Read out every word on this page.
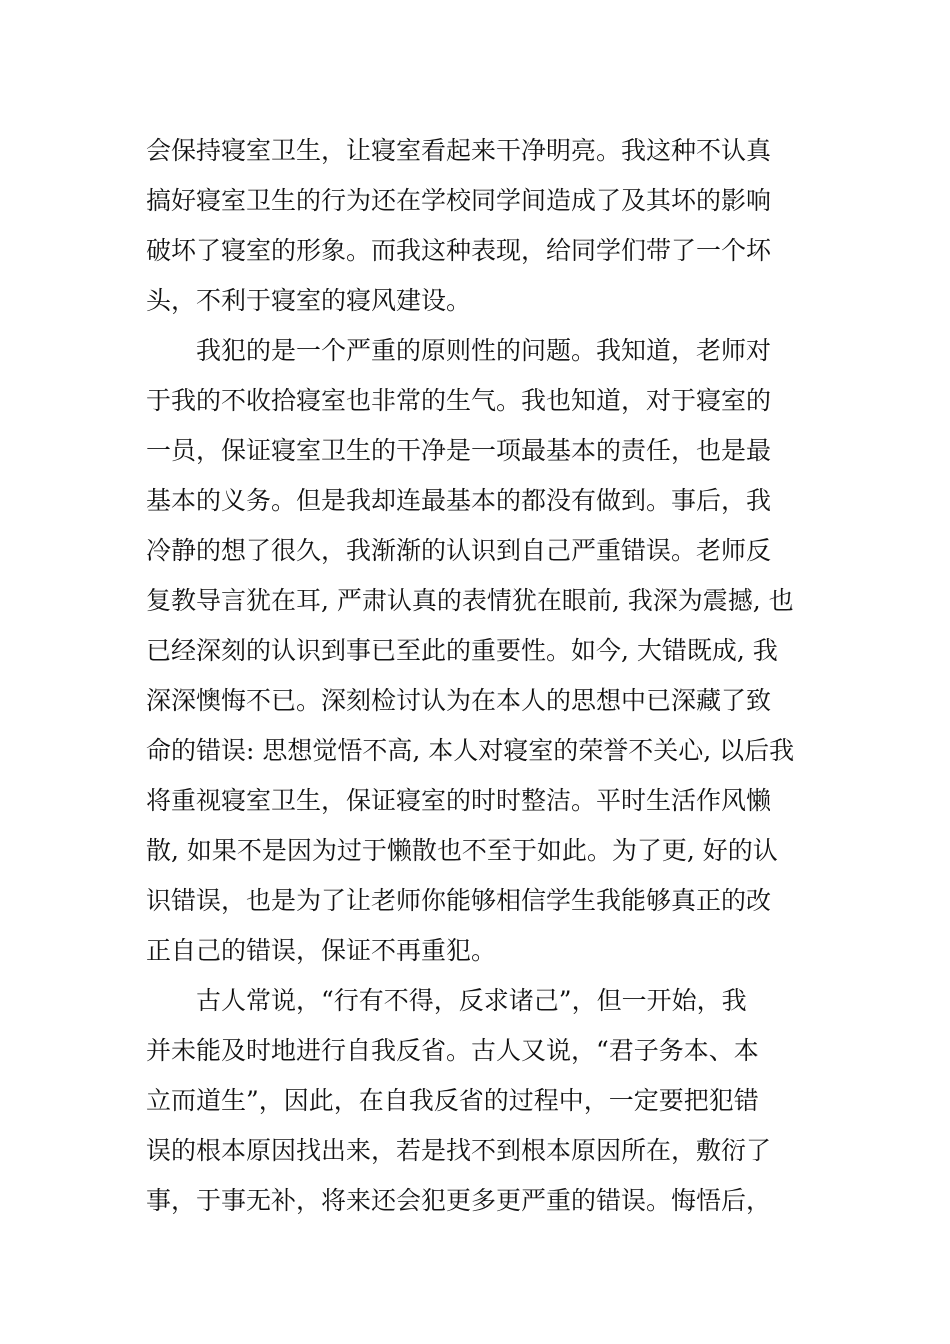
会保持寝室卫生，让寝室看起来干净明亮。我这种不认真
搞好寝室卫生的行为还在学校同学间造成了及其坏的影响
破坏了寝室的形象。而我这种表现，给同学们带了一个坏
头，不利于寝室的寝风建设。
我犯的是一个严重的原则性的问题。我知道，老师对
于我的不收拾寝室也非常的生气。我也知道，对于寝室的
一员，保证寝室卫生的干净是一项最基本的责任，也是最
基本的义务。但是我却连最基本的都没有做到。事后，我
冷静的想了很久，我渐渐的认识到自己严重错误。老师反
复教导言犹在耳, 严肃认真的表情犹在眼前, 我深为震撼, 也
已经深刻的认识到事已至此的重要性。如今, 大错既成, 我
深深懊悔不已。深刻检讨认为在本人的思想中已深藏了致
命的错误: 思想觉悟不高, 本人对寝室的荣誉不关心, 以后我
将重视寝室卫生，保证寝室的时时整洁。平时生活作风懒
散, 如果不是因为过于懒散也不至于如此。为了更, 好的认
识错误，也是为了让老师你能够相信学生我能够真正的改
正自己的错误，保证不再重犯。
古人常说，“行有不得，反求诸己”，但一开始，我
并未能及时地进行自我反省。古人又说，“君子务本、本
立而道生”，因此，在自我反省的过程中，一定要把犯错
误的根本原因找出来，若是找不到根本原因所在，敷衍了
事，于事无补，将来还会犯更多更严重的错误。悔悟后，
